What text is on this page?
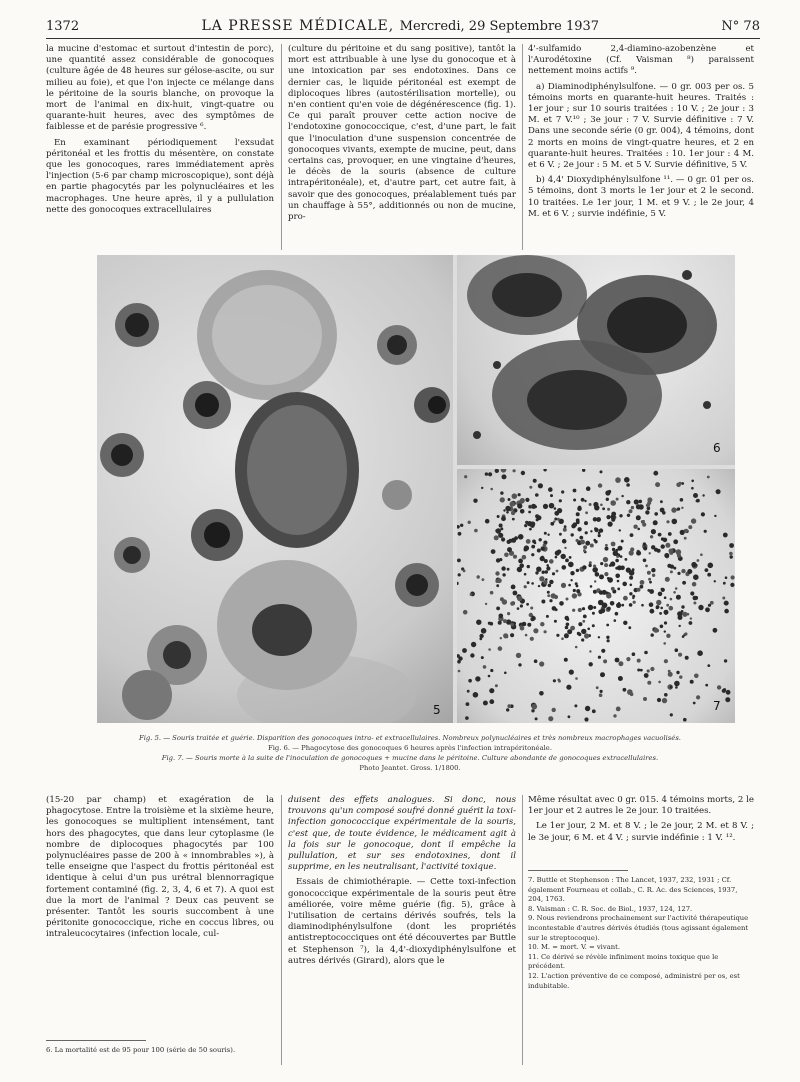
1372	LA PRESSE MÉDICALE, Mercredi, 29 Septembre 1937	N° 78

la mucine d'estomac et surtout d'intestin de porc), une quantité assez considérable de gonocoques (culture âgée de 48 heures sur gélose-ascite, ou sur milieu au foie), et que l'on injecte ce mélange dans le péritoine de la souris blanche, on provoque la mort de l'animal en dix-huit, vingt-quatre ou quarante-huit heures, avec des symptômes de faiblesse et de parésie progressive ⁶.

En examinant périodiquement l'exsudat péritonéal et les frottis du mésentère, on constate que les gonocoques, rares immédiatement après l'injection (5-6 par champ microscopique), sont déjà en partie phagocytés par les polynucléaires et les macrophages. Une heure après, il y a pullulation nette des gonocoques extracellulaires

(culture du péritoine et du sang positive), tantôt la mort est attribuable à une lyse du gonocoque et à une intoxication par ses endotoxines. Dans ce dernier cas, le liquide péritonéal est exempt de diplocoques libres (autostérilisation mortelle), ou n'en contient qu'en voie de dégénérescence (fig. 1). Ce qui paraît prouver cette action nocive de l'endotoxine gonococcique, c'est, d'une part, le fait que l'inoculation d'une suspension concentrée de gonocoques vivants, exempte de mucine, peut, dans certains cas, provoquer, en une vingtaine d'heures, le décès de la souris (absence de culture intrapéritonéale), et, d'autre part, cet autre fait, à savoir que des gonocoques, préalablement tués par un chauffage à 55°, additionnés ou non de mucine, pro-

4'-sulfamido 2,4-diamino-azobenzène et l'Aurodétoxine (Cf. Vaisman ⁸) paraissent nettement moins actifs ⁹.

a) Diaminodiphénylsulfone. — 0 gr. 003 per os. 5 témoins morts en quarante-huit heures. Traités : 1er jour ; sur 10 souris traitées : 10 V. ; 2e jour : 3 M. et 7 V.¹⁰ ; 3e jour : 7 V. Survie définitive : 7 V. Dans une seconde série (0 gr. 004), 4 témoins, dont 2 morts en moins de vingt-quatre heures, et 2 en quarante-huit heures. Traitées : 10. 1er jour : 4 M. et 6 V. ; 2e jour : 5 M. et 5 V. Survie définitive, 5 V.

b) 4,4' Dioxydiphénylsulfone ¹¹. — 0 gr. 01 per os. 5 témoins, dont 3 morts le 1er jour et 2 le second. 10 traitées. Le 1er jour, 1 M. et 9 V. ; le 2e jour, 4 M. et 6 V. ; survie indéfinie, 5 V.

5
6
7
Fig. 5. — Souris traitée et guérie. Disparition des gonocoques intra- et extracellulaires. Nombreux polynucléaires et très nombreux macrophages vacuolisés.
Fig. 6. — Phagocytose des gonocoques 6 heures après l'infection intrapéritonéale.
Fig. 7. — Souris morte à la suite de l'inoculation de gonocoques + mucine dans le péritoine. Culture abondante de gonocoques extracellulaires.
Photo Jeantet. Gross. 1/1800.

(15-20 par champ) et exagération de la phagocytose. Entre la troisième et la sixième heure, les gonocoques se multiplient intensément, tant hors des phagocytes, que dans leur cytoplasme (le nombre de diplocoques phagocytés par 100 polynucléaires passe de 200 à « innombrables »), à telle enseigne que l'aspect du frottis péritonéal est identique à celui d'un pus urétral blennorragique fortement contaminé (fig. 2, 3, 4, 6 et 7). A quoi est due la mort de l'animal ? Deux cas peuvent se présenter. Tantôt les souris succombent à une péritonite gonococcique, riche en coccus libres, ou intraleucocytaires (infection locale, cul-

duisent des effets analogues. Si donc, nous trouvons qu'un composé soufré donné guérit la toxi-infection gonococcique expérimentale de la souris, c'est que, de toute évidence, le médicament agit à la fois sur le gonocoque, dont il empêche la pullulation, et sur ses endotoxines, dont il supprime, en les neutralisant, l'activité toxique.

Essais de chimiothérapie. — Cette toxi-infection gonococcique expérimentale de la souris peut être améliorée, voire même guérie (fig. 5), grâce à l'utilisation de certains dérivés soufrés, tels la diaminodiphénylsulfone (dont les propriétés antistreptococciques ont été découvertes par Buttle et Stephenson ⁷), la 4,4'-dioxydiphénylsulfone et autres dérivés (Girard), alors que le

Même résultat avec 0 gr. 015. 4 témoins morts, 2 le 1er jour et 2 autres le 2e jour. 10 traitées.

Le 1er jour, 2 M. et 8 V. ; le 2e jour, 2 M. et 8 V. ; le 3e jour, 6 M. et 4 V. ; survie indéfinie : 1 V. ¹².

6. La mortalité est de 95 pour 100 (série de 50 souris).
7. Buttle et Stephenson : The Lancet, 1937, 232, 1931 ; Cf. également Fourneau et collab., C. R. Ac. des Sciences, 1937, 204, 1763.
8. Vaisman : C. R. Soc. de Biol., 1937, 124, 127.
9. Nous reviendrons prochainement sur l'activité thérapeutique incontestable d'autres dérivés étudiés (tous agissant également sur le streptocoque).
10. M. = mort. V. = vivant.
11. Ce dérivé se révèle infiniment moins toxique que le précédent.
12. L'action préventive de ce composé, administré per os, est indubitable.
